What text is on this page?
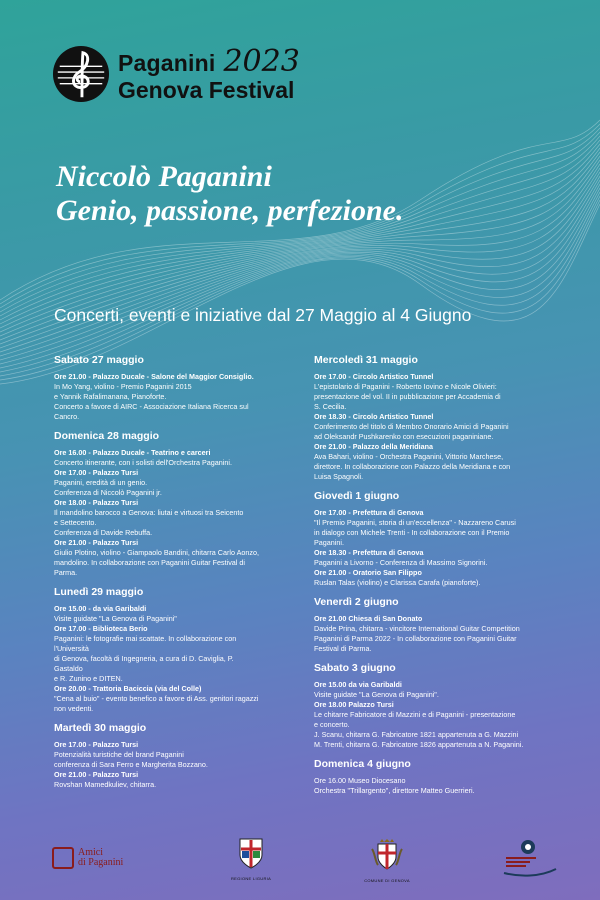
Paganini 2023
Genova Festival
Niccolò Paganini
Genio, passione, perfezione.
Concerti, eventi e iniziative dal 27 Maggio al 4 Giugno
Sabato 27 maggio
Ore 21.00 - Palazzo Ducale - Salone del Maggior Consiglio.
In Mo Yang, violino - Premio Paganini 2015
e Yannik Rafalimanana, Pianoforte.
Concerto a favore di AIRC - Associazione Italiana Ricerca sul
Cancro.
Domenica 28 maggio
Ore 16.00 - Palazzo Ducale - Teatrino e carceri
Concerto itinerante, con i solisti dell'Orchestra Paganini.
Ore 17.00 - Palazzo Tursi
Paganini, eredità di un genio.
Conferenza di Niccolò Paganini jr.
Ore 18.00 - Palazzo Tursi
Il mandolino barocco a Genova: liutai e virtuosi tra Seicento
e Settecento.
Conferenza di Davide Rebuffa.
Ore 21.00 - Palazzo Tursi
Giulio Plotino, violino - Giampaolo Bandini, chitarra Carlo Aonzo,
mandolino. In collaborazione con Paganini Guitar Festival di
Parma.
Lunedì 29 maggio
Ore 15.00 - da via Garibaldi
Visite guidate "La Genova di Paganini"
Ore 17.00 - Biblioteca Berio
Paganini: le fotografie mai scattate. In collaborazione con
l'Università
di Genova, facoltà di Ingegneria, a cura di D. Caviglia, P.
Gastaldo
e R. Zunino e DITEN.
Ore 20.00 - Trattoria Baciccia (via del Colle)
"Cena al buio" - evento benefico a favore di Ass. genitori ragazzi
non vedenti.
Martedì 30 maggio
Ore 17.00 - Palazzo Tursi
Potenzialità turistiche del brand Paganini
conferenza di Sara Ferro e Margherita Bozzano.
Ore 21.00 - Palazzo Tursi
Rovshan Mamedkuliev, chitarra.
Mercoledì 31 maggio
Ore 17.00 - Circolo Artistico Tunnel
L'epistolario di Paganini - Roberto Iovino e Nicole Olivieri:
presentazione del vol. II in pubblicazione per Accademia di
S. Cecilia.
Ore 18.30 - Circolo Artistico Tunnel
Conferimento del titolo di Membro Onorario Amici di Paganini
ad Oleksandr Pushkarenko con esecuzioni paganiniane.
Ore 21.00 - Palazzo della Meridiana
Ava Bahari, violino - Orchestra Paganini, Vittorio Marchese,
direttore. In collaborazione con Palazzo della Meridiana e con
Luisa Spagnoli.
Giovedì 1 giugno
Ore 17.00 - Prefettura di Genova
"Il Premio Paganini, storia di un'eccellenza" - Nazzareno Carusi
in dialogo con Michele Trenti - In collaborazione con il Premio
Paganini.
Ore 18.30 - Prefettura di Genova
Paganini a Livorno - Conferenza di Massimo Signorini.
Ore 21.00 - Oratorio San Filippo
Ruslan Talas (violino) e Clarissa Carafa (pianoforte).
Venerdì 2 giugno
Ore 21.00 Chiesa di San Donato
Davide Prina, chitarra - vincitore International Guitar Competition
Paganini di Parma 2022 - In collaborazione con Paganini Guitar
Festival di Parma.
Sabato 3 giugno
Ore 15.00 da via Garibaldi
Visite guidate "La Genova di Paganini".
Ore 18.00 Palazzo Tursi
Le chitarre Fabricatore di Mazzini e di Paganini - presentazione
e concerto.
J. Scanu, chitarra G. Fabricatore 1821 appartenuta a G. Mazzini
M. Trenti, chitarra G. Fabricatore 1826 appartenuta a N. Paganini.
Domenica 4 giugno
Ore 16.00 Museo Diocesano
Orchestra "Trillargento", direttore Matteo Guerrieri.
Amici
di Paganini
REGIONE LIGURIA	COMUNE DI GENOVA
